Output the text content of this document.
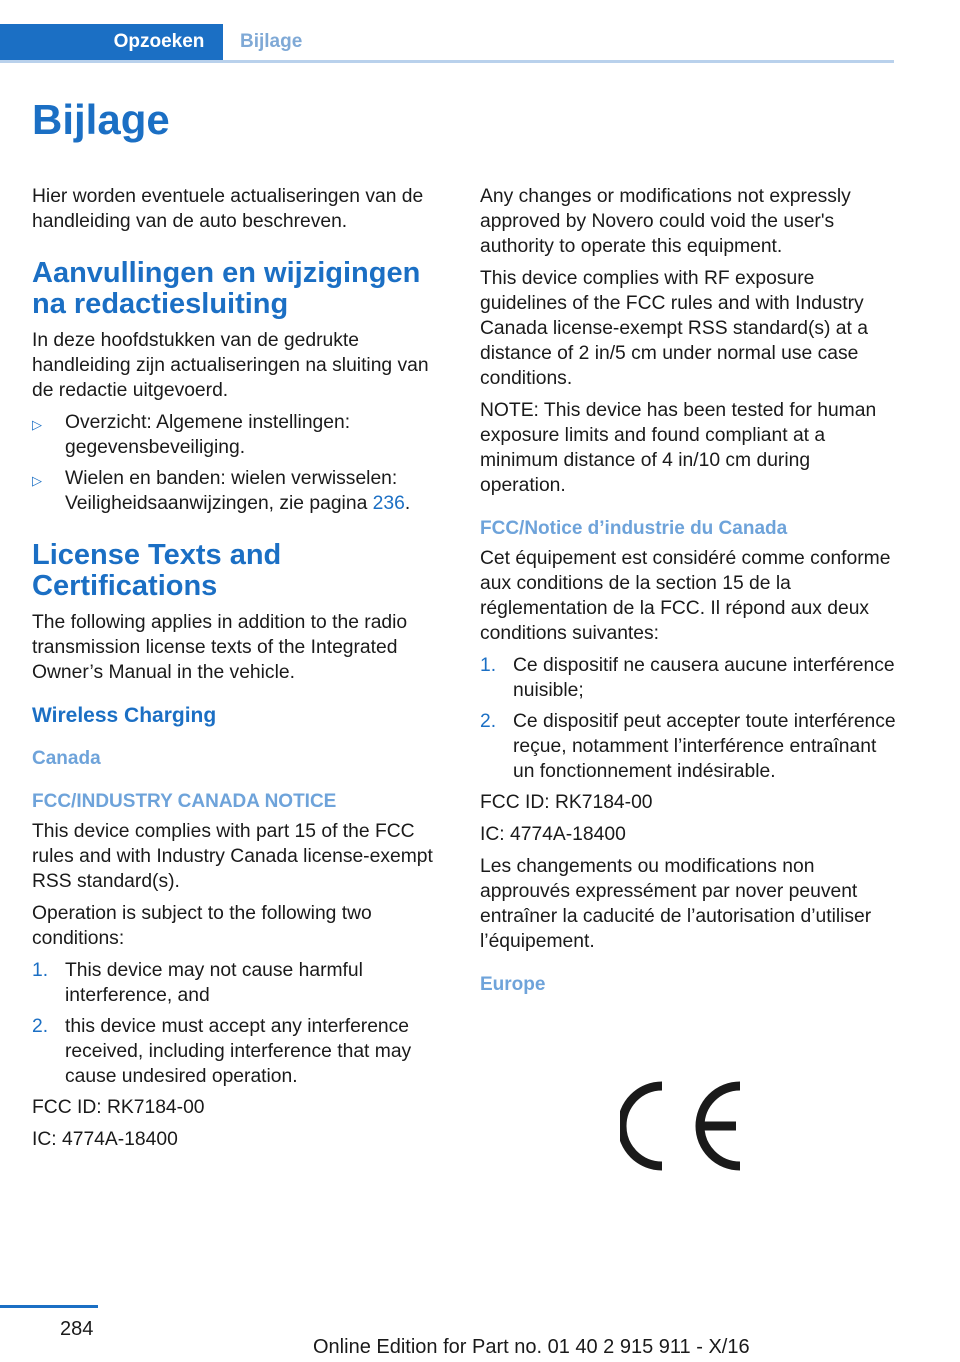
Opzoeken Bijlage
Bijlage

Hier worden eventuele actualiseringen van de handleiding van de auto beschreven.

Aanvullingen en wijzigingen na redactiesluiting

In deze hoofdstukken van de gedrukte handleiding zijn actualiseringen na sluiting van de redactie uitgevoerd.

▷	Overzicht: Algemene instellingen: gegevensbeveiliging.
▷	Wielen en banden: wielen verwisselen: Veiligheidsaanwijzingen, zie pagina 236.
License Texts and Certifications

The following applies in addition to the radio transmission license texts of the Integrated Owner’s Manual in the vehicle.

Wireless Charging
Canada
FCC/INDUSTRY CANADA NOTICE

This device complies with part 15 of the FCC rules and with Industry Canada license-exempt RSS standard(s).

Operation is subject to the following two conditions:

1. This device may not cause harmful interference, and
2. this device must accept any interference received, including interference that may cause undesired operation.

FCC ID: RK7184-00

IC: 4774A-18400

Any changes or modifications not expressly approved by Novero could void the user's authority to operate this equipment.

This device complies with RF exposure guidelines of the FCC rules and with Industry Canada license-exempt RSS standard(s) at a distance of 2 in/5 cm under normal use case conditions.

NOTE: This device has been tested for human exposure limits and found compliant at a minimum distance of 4 in/10 cm during operation.

FCC/Notice d’industrie du Canada

Cet équipement est considéré comme conforme aux conditions de la section 15 de la réglementation de la FCC. Il répond aux deux conditions suivantes:

1. Ce dispositif ne causera aucune interférence nuisible;
2. Ce dispositif peut accepter toute interférence reçue, notamment l’interférence entraînant un fonctionnement indésirable.

FCC ID: RK7184-00

IC: 4774A-18400

Les changements ou modifications non approuvés expressément par nover peuvent entraîner la caducité de l’autorisation d’utiliser l’équipement.

Europe
284
Online Edition for Part no. 01 40 2 915 911 - X/16
